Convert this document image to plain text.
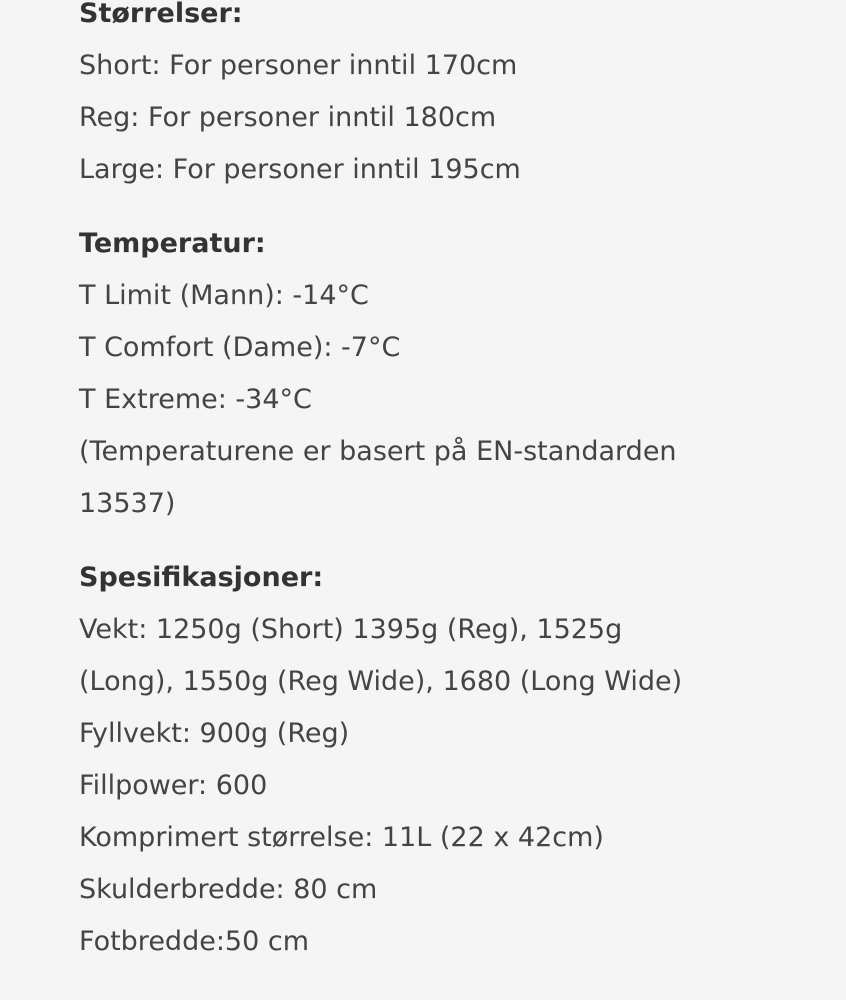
Størrelser:

Short: For personer inntil 170cm

Reg: For personer inntil 180cm

Large: For personer inntil 195cm

Temperatur:

T Limit (Mann): -14°C

T Comfort (Dame): -7°C

T Extreme: -34°C

(Temperaturene er basert på EN-standarden

13537)

Spesifikasjoner:

Vekt: 1250g (Short) 1395g (Reg), 1525g

(Long), 1550g (Reg Wide), 1680 (Long Wide)

Fyllvekt: 900g (Reg)

Fillpower: 600

Komprimert størrelse: 11L (22 x 42cm)

Skulderbredde: 80 cm

Fotbredde:50 cm
